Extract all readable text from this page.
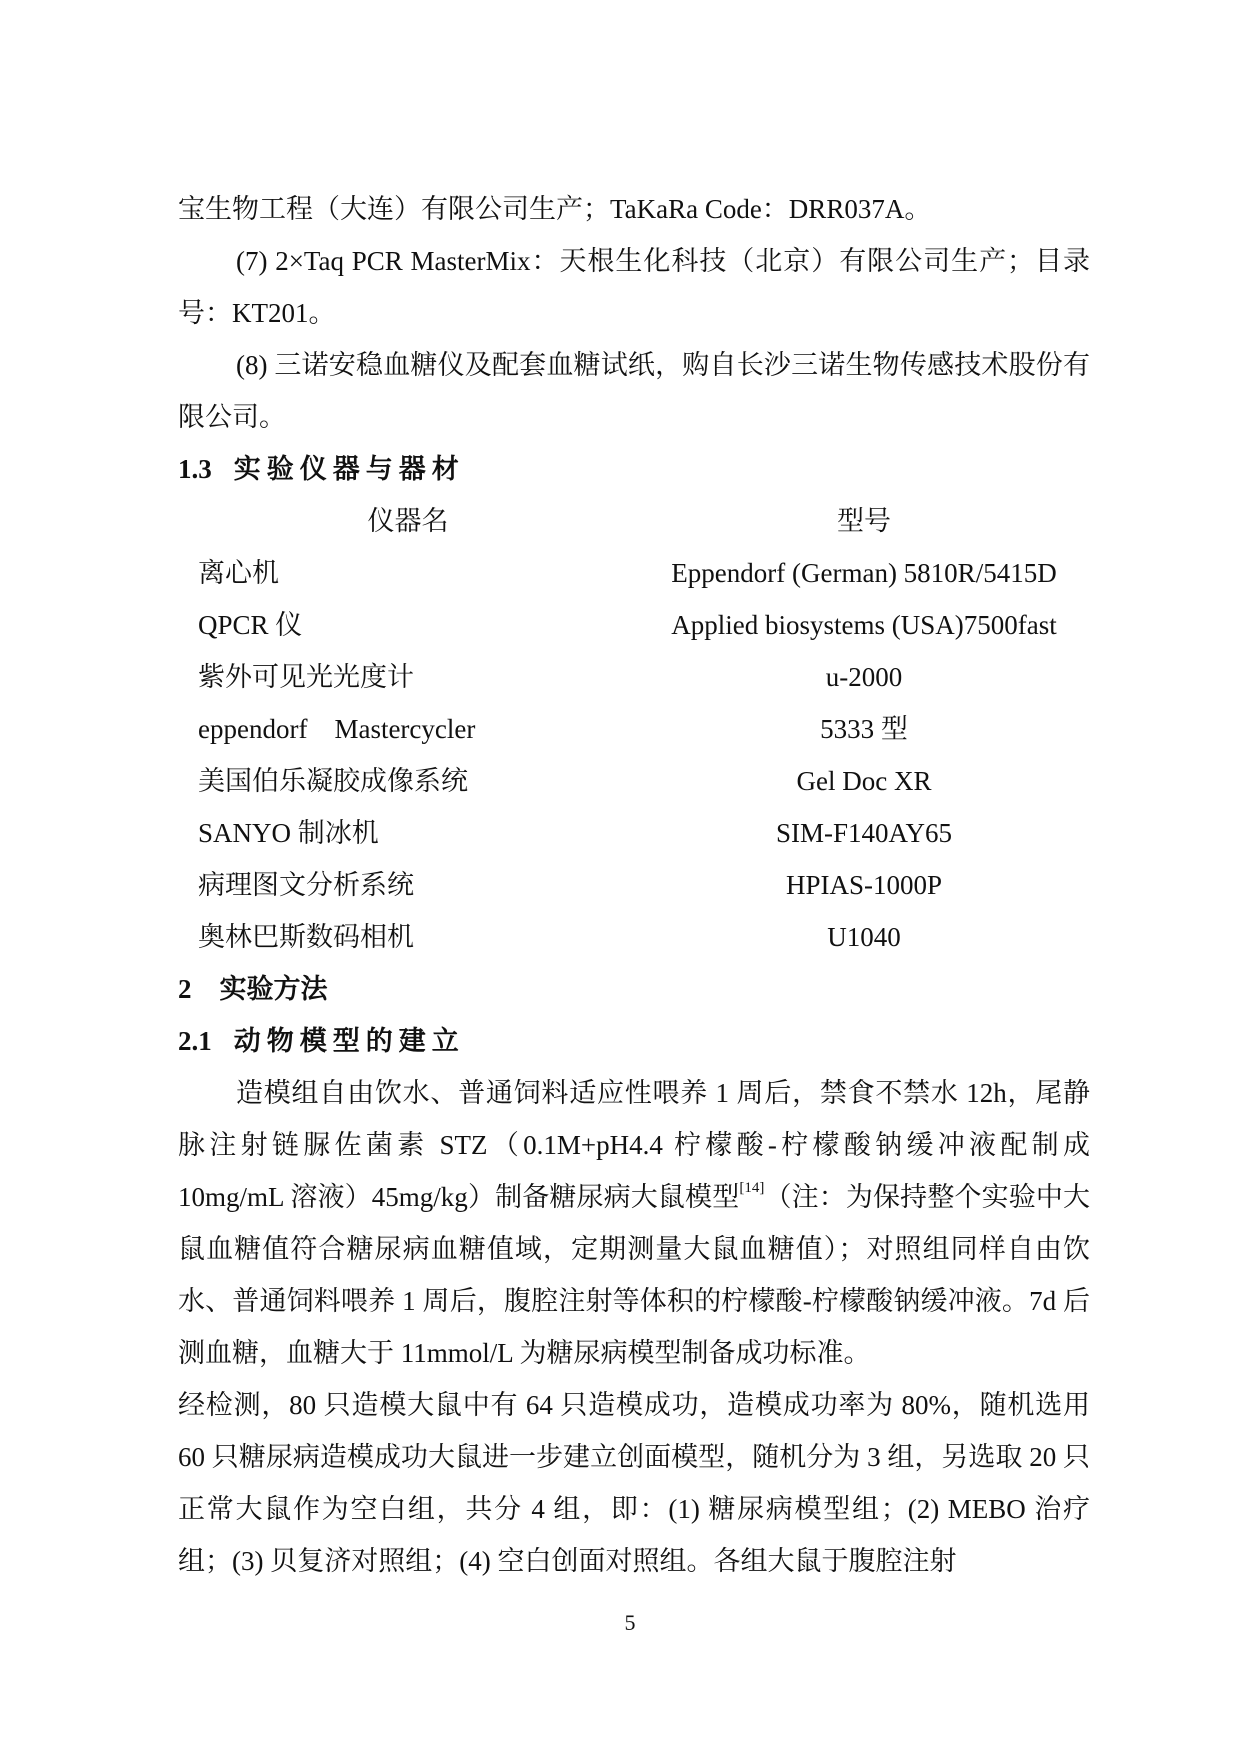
宝生物工程（大连）有限公司生产；TaKaRa Code：DRR037A。

(7) 2×Taq PCR MasterMix：天根生化科技（北京）有限公司生产；目录号：KT201。

(8) 三诺安稳血糖仪及配套血糖试纸，购自长沙三诺生物传感技术股份有限公司。

1.3 实验仪器与器材

仪器名	型号
离心机	Eppendorf (German) 5810R/5415D
QPCR 仪	Applied biosystems (USA)7500fast
紫外可见光光度计	u-2000
eppendorf　Mastercycler	5333 型
美国伯乐凝胶成像系统	Gel Doc XR
SANYO 制冰机	SIM-F140AY65
病理图文分析系统	HPIAS-1000P
奥林巴斯数码相机	U1040

2 实验方法

2.1 动物模型的建立

造模组自由饮水、普通饲料适应性喂养 1 周后，禁食不禁水 12h，尾静脉注射链脲佐菌素 STZ（0.1M+pH4.4 柠檬酸-柠檬酸钠缓冲液配制成 10mg/mL 溶液）45mg/kg）制备糖尿病大鼠模型[14]（注：为保持整个实验中大鼠血糖值符合糖尿病血糖值域，定期测量大鼠血糖值）；对照组同样自由饮水、普通饲料喂养 1 周后，腹腔注射等体积的柠檬酸-柠檬酸钠缓冲液。7d 后测血糖，血糖大于 11mmol/L 为糖尿病模型制备成功标准。

经检测，80 只造模大鼠中有 64 只造模成功，造模成功率为 80%，随机选用 60 只糖尿病造模成功大鼠进一步建立创面模型，随机分为 3 组，另选取 20 只正常大鼠作为空白组，共分 4 组，即：(1) 糖尿病模型组；(2) MEBO 治疗组；(3) 贝复济对照组；(4) 空白创面对照组。各组大鼠于腹腔注射

5
